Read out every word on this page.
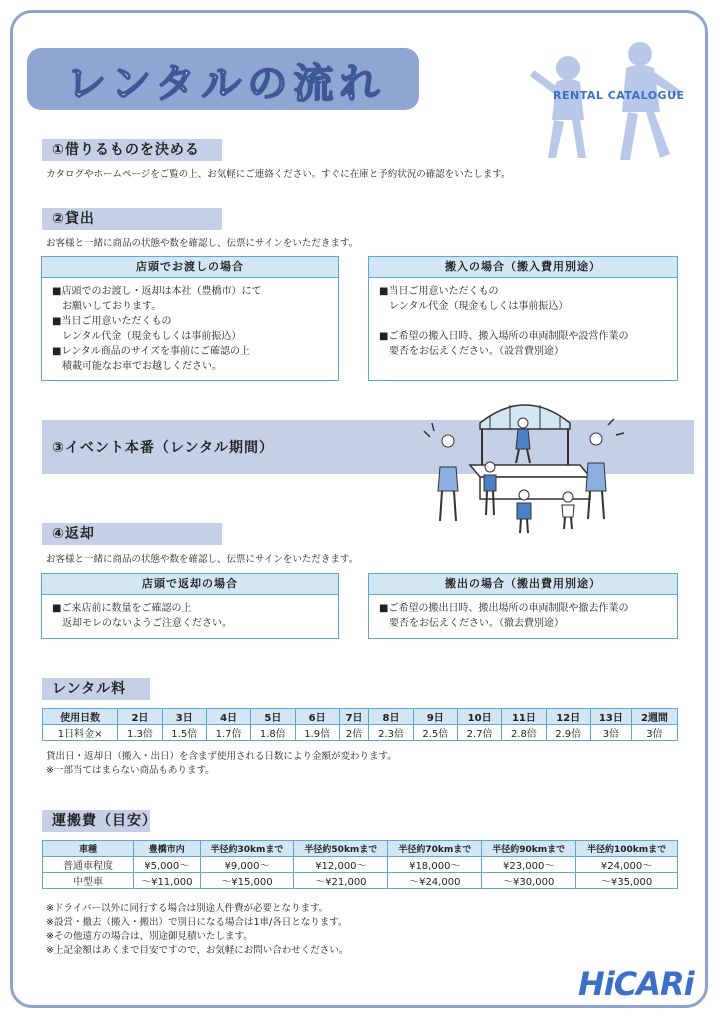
レンタルの流れ	RENTAL CATALOGUE
①借りるものを決める
カタログやホームページをご覧の上、お気軽にご連絡ください。すぐに在庫と予約状況の確認をいたします。
②貸出
お客様と一緒に商品の状態や数を確認し、伝票にサインをいただきます。
店頭でお渡しの場合
■店頭でのお渡し・返却は本社（豊橋市）にて
　お願いしております。
■当日ご用意いただくもの
　レンタル代金（現金もしくは事前振込）
■レンタル商品のサイズを事前にご確認の上
　積載可能なお車でお越しください。
搬入の場合（搬入費用別途）
■当日ご用意いただくもの
　レンタル代金（現金もしくは事前振込）
■ご希望の搬入日時、搬入場所の車両制限や設営作業の
　要否をお伝えください。（設営費別途）
③イベント本番（レンタル期間）
④返却
お客様と一緒に商品の状態や数を確認し、伝票にサインをいただきます。
店頭で返却の場合
■ご来店前に数量をご確認の上
　返却モレのないようご注意ください。
搬出の場合（搬出費用別途）
■ご希望の搬出日時、搬出場所の車両制限や撤去作業の
　要否をお伝えください。（撤去費別途）
レンタル料
使用日数	2日	3日	4日	5日	6日	7日	8日	9日	10日	11日	12日	13日	2週間
1日料金×	1.3倍	1.5倍	1.7倍	1.8倍	1.9倍	2倍	2.3倍	2.5倍	2.7倍	2.8倍	2.9倍	3倍	3倍
貸出日・返却日（搬入・出日）を含まず使用される日数により金額が変わります。
※一部当てはまらない商品もあります。
運搬費（目安）
車種	豊橋市内	半径約30kmまで	半径約50kmまで	半径約70kmまで	半径約90kmまで	半径約100kmまで
普通車程度	¥5,000〜	¥9,000〜	¥12,000〜	¥18,000〜	¥23,000〜	¥24,000〜
中型車	〜¥11,000	〜¥15,000	〜¥21,000	〜¥24,000	〜¥30,000	〜¥35,000
※ドライバー以外に同行する場合は別途人件費が必要となります。
※設営・撤去（搬入・搬出）で別日になる場合は1車/各日となります。
※その他遠方の場合は、別途御見積いたします。
※上記金額はあくまで目安ですので、お気軽にお問い合わせください。
HiCARi
